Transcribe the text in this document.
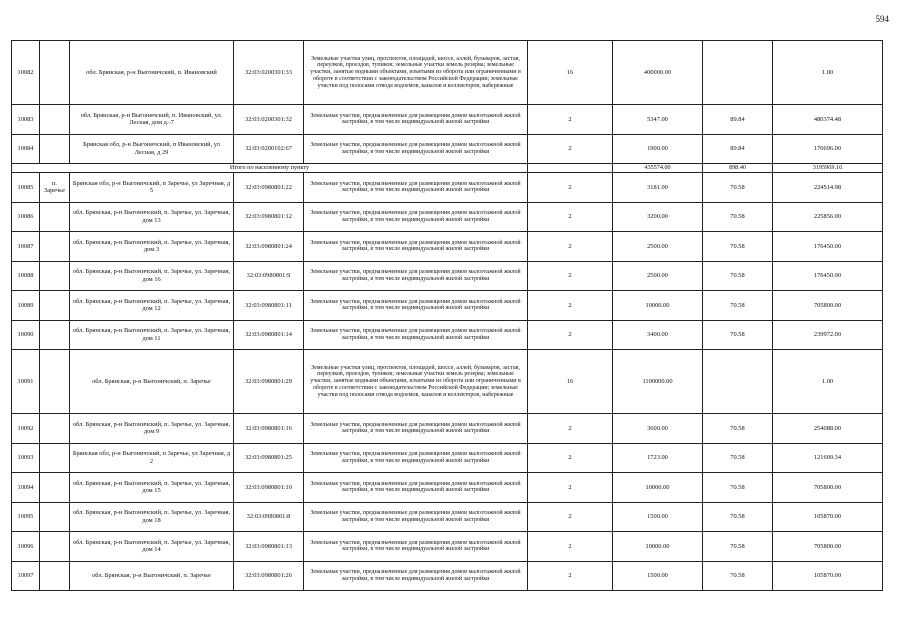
594
10082		обл. Брянская, р-н Выгоничский, п. Ивановский	32:03:0200301:33	Земельные участки улиц, проспектов, площадей, шоссе, аллей, бульваров, застав, переулков, проездов, тупиков; земельные участки земель резерва; земельные участки, занятые водными объектами, изъятыми из оборота или ограниченными в обороте в соответствии с законодательством Российской Федерации; земельные участки под полосами отвода водоемов, каналов и коллекторов, набережные	16	400000.00		1.00
10083		обл. Брянская, р-н Выгоничский, п. Ивановский, ул. Лесная, дом д.-7	32:03:0200301:32	Земельные участки, предназначенные для размещения домов малоэтажной жилой застройки, в том числе индивидуальной жилой застройки	2	5347.00	89.84	480374.48
10084		Брянская обл, р-н Выгоничский, п Ивановский, ул Лесная, д 29	32:03:0200102:67	Земельные участки, предназначенные для размещения домов малоэтажной жилой застройки, в том числе индивидуальной жилой застройки	2	1900.00	89.84	170696.00
Итого по населенному пункту						435574.00	898.40	3195969.16
10085	п. Заречье	Брянская обл, р-н Выгоничский, п Заречье, ул Заречная, д 5	32:03:0980801:22	Земельные участки, предназначенные для размещения домов малоэтажной жилой застройки, в том числе индивидуальной жилой застройки	2	3181.00	70.58	224514.98
10086		обл. Брянская, р-н Выгоничский, п. Заречье, ул. Заречная, дом 13	32:03:0980801:12	Земельные участки, предназначенные для размещения домов малоэтажной жилой застройки, в том числе индивидуальной жилой застройки	2	3200.00	70.58	225856.00
10087		обл. Брянская, р-н Выгоничский, п. Заречье, ул. Заречная, дом 3	32:03:0980801:24	Земельные участки, предназначенные для размещения домов малоэтажной жилой застройки, в том числе индивидуальной жилой застройки	2	2500.00	70.58	176450.00
10088		обл. Брянская, р-н Выгоничский, п. Заречье, ул. Заречная, дом 16	32:03:0980801:9	Земельные участки, предназначенные для размещения домов малоэтажной жилой застройки, в том числе индивидуальной жилой застройки	2	2500.00	70.58	176450.00
10089		обл. Брянская, р-н Выгоничский, п. Заречье, ул. Заречная, дом 12	32:03:0980801:11	Земельные участки, предназначенные для размещения домов малоэтажной жилой застройки, в том числе индивидуальной жилой застройки	2	10000.00	70.58	705800.00
10090		обл. Брянская, р-н Выгоничский, п. Заречье, ул. Заречная, дом 11	32:03:0980801:14	Земельные участки, предназначенные для размещения домов малоэтажной жилой застройки, в том числе индивидуальной жилой застройки	2	3400.00	70.58	239972.00
10091		обл. Брянская, р-н Выгоничский, п. Заречье	32:03:0980801:29	Земельные участки улиц, проспектов, площадей, шоссе, аллей, бульваров, застав, переулков, проездов, тупиков; земельные участки земель резерва; земельные участки, занятые водными объектами, изъятыми из оборота или ограниченными в обороте в соответствии с законодательством Российской Федерации; земельные участки под полосами отвода водоемов, каналов и коллекторов, набережные	16	1100000.00		1.00
10092		обл. Брянская, р-н Выгоничский, п. Заречье, ул. Заречная, дом 9	32:03:0980801:16	Земельные участки, предназначенные для размещения домов малоэтажной жилой застройки, в том числе индивидуальной жилой застройки	2	3600.00	70.58	254088.00
10093		Брянская обл, р-н Выгоничский, п Заречье, ул Заречная, д 2	32:03:0980801:25	Земельные участки, предназначенные для размещения домов малоэтажной жилой застройки, в том числе индивидуальной жилой застройки	2	1723.00	70.58	121609.34
10094		обл. Брянская, р-н Выгоничский, п. Заречье, ул. Заречная, дом 15	32:03:0980801:10	Земельные участки, предназначенные для размещения домов малоэтажной жилой застройки, в том числе индивидуальной жилой застройки	2	10000.00	70.58	705800.00
10095		обл. Брянская, р-н Выгоничский, п. Заречье, ул. Заречная, дом 18	32:03:0980801:8	Земельные участки, предназначенные для размещения домов малоэтажной жилой застройки, в том числе индивидуальной жилой застройки	2	1500.00	70.58	105870.00
10096		обл. Брянская, р-н Выгоничский, п. Заречье, ул. Заречная, дом 14	32:03:0980801:13	Земельные участки, предназначенные для размещения домов малоэтажной жилой застройки, в том числе индивидуальной жилой застройки	2	10000.00	70.58	705800.00
10097		обл. Брянская, р-н Выгоничский, п. Заречье	32:03:0980801:26	Земельные участки, предназначенные для размещения домов малоэтажной жилой застройки, в том числе индивидуальной жилой застройки	2	1500.00	70.58	105870.00
